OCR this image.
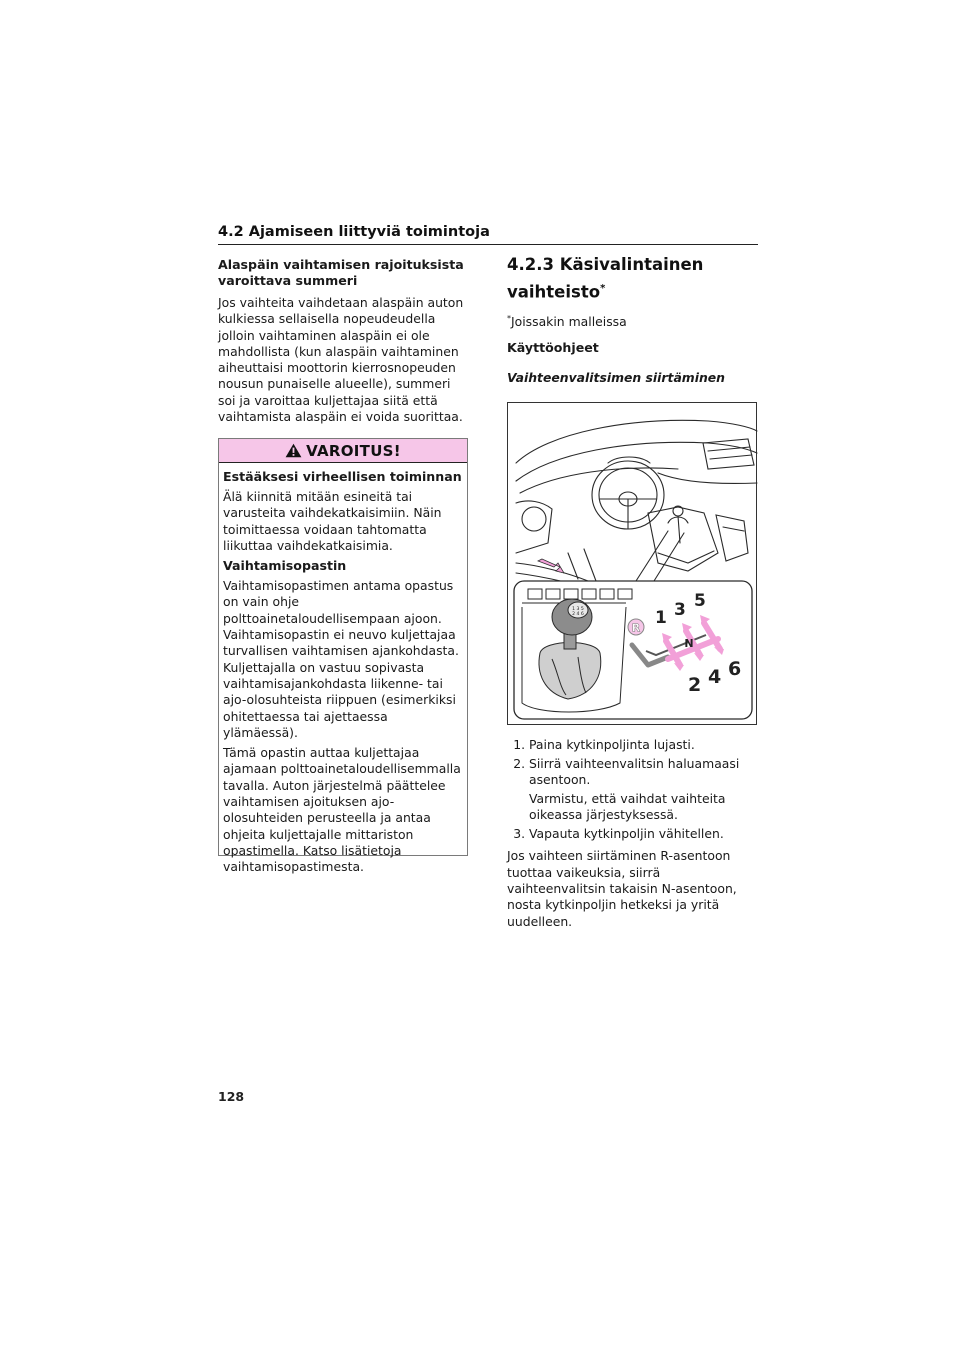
4.2 Ajamiseen liittyviä toimintoja

Alaspäin vaihtamisen rajoituksista varoittava summeri

Jos vaihteita vaihdetaan alaspäin auton kulkiessa sellaisella nopeudeudella jolloin vaihtaminen alaspäin ei ole mahdollista (kun alaspäin vaihtaminen aiheuttaisi moottorin kierrosnopeuden nousun punaiselle alueelle), summeri soi ja varoittaa kuljettajaa siitä että vaihtamista alaspäin ei voida suorittaa.

VAROITUS!

Estääksesi virheellisen toiminnan

Älä kiinnitä mitään esineitä tai varusteita vaihdekatkaisimiin. Näin toimittaessa voidaan tahtomatta liikuttaa vaihdekatkaisimia.

Vaihtamisopastin

Vaihtamisopastimen antama opastus on vain ohje polttoainetaloudellisempaan ajoon. Vaihtamisopastin ei neuvo kuljettajaa turvallisen vaihtamisen ajankohdasta. Kuljettajalla on vastuu sopivasta vaihtamisajankohdasta liikenne- tai ajo-olosuhteista riippuen (esimerkiksi ohitettaessa tai ajettaessa ylämäessä).

Tämä opastin auttaa kuljettajaa ajamaan polttoainetaloudellisemmalla tavalla. Auton järjestelmä päättelee vaihtamisen ajoituksen ajo-olosuhteiden perusteella ja antaa ohjeita kuljettajalle mittariston opastimella. Katso lisätietoja vaihtamisopastimesta.

4.2.3 Käsivalintainen vaihteisto*

*Joissakin malleissa

Käyttöohjeet

Vaihteenvalitsimen siirtäminen

1 3 5
2 4 6
R
N
1 3 5
2 4 6
1. Paina kytkinpoljinta lujasti.
2. Siirrä vaihteenvalitsin haluamaasi asentoon.
Varmistu, että vaihdat vaihteita oikeassa järjestyksessä.
3. Vapauta kytkinpoljin vähitellen.

Jos vaihteen siirtäminen R-asentoon tuottaa vaikeuksia, siirrä vaihteenvalitsin takaisin N-asentoon, nosta kytkinpoljin hetkeksi ja yritä uudelleen.

128
